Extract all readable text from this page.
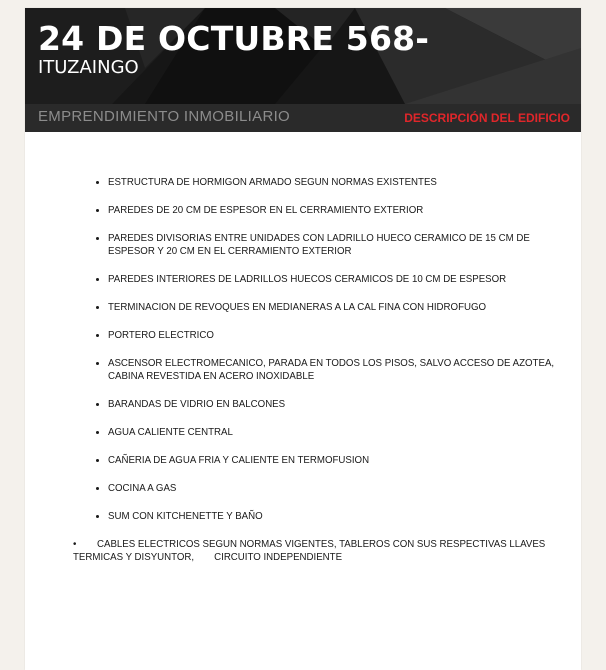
24 DE OCTUBRE 568-
ITUZAINGO
EMPRENDIMIENTO INMOBILIARIO	DESCRIPCIÓN DEL EDIFICIO
• ESTRUCTURA DE HORMIGON ARMADO SEGUN NORMAS EXISTENTES
• PAREDES DE 20 CM DE ESPESOR EN EL CERRAMIENTO EXTERIOR
• PAREDES DIVISORIAS ENTRE UNIDADES CON LADRILLO HUECO CERAMICO DE 15 CM DE ESPESOR Y 20 CM EN EL CERRAMIENTO EXTERIOR
• PAREDES INTERIORES DE LADRILLOS HUECOS CERAMICOS DE 10 CM DE ESPESOR
• TERMINACION DE REVOQUES EN MEDIANERAS A LA CAL FINA CON HIDROFUGO
• PORTERO ELECTRICO
• ASCENSOR ELECTROMECANICO, PARADA EN TODOS LOS PISOS, SALVO ACCESO DE AZOTEA, CABINA REVESTIDA EN ACERO INOXIDABLE
• BARANDAS DE VIDRIO EN BALCONES
• AGUA CALIENTE CENTRAL
• CAÑERIA DE AGUA FRIA Y CALIENTE EN TERMOFUSION
• COCINA A GAS
• SUM CON KITCHENETTE Y BAÑO
• CABLES ELECTRICOS SEGUN NORMAS VIGENTES, TABLEROS CON SUS RESPECTIVAS LLAVES TERMICAS Y DISYUNTOR, CIRCUITO INDEPENDIENTE
